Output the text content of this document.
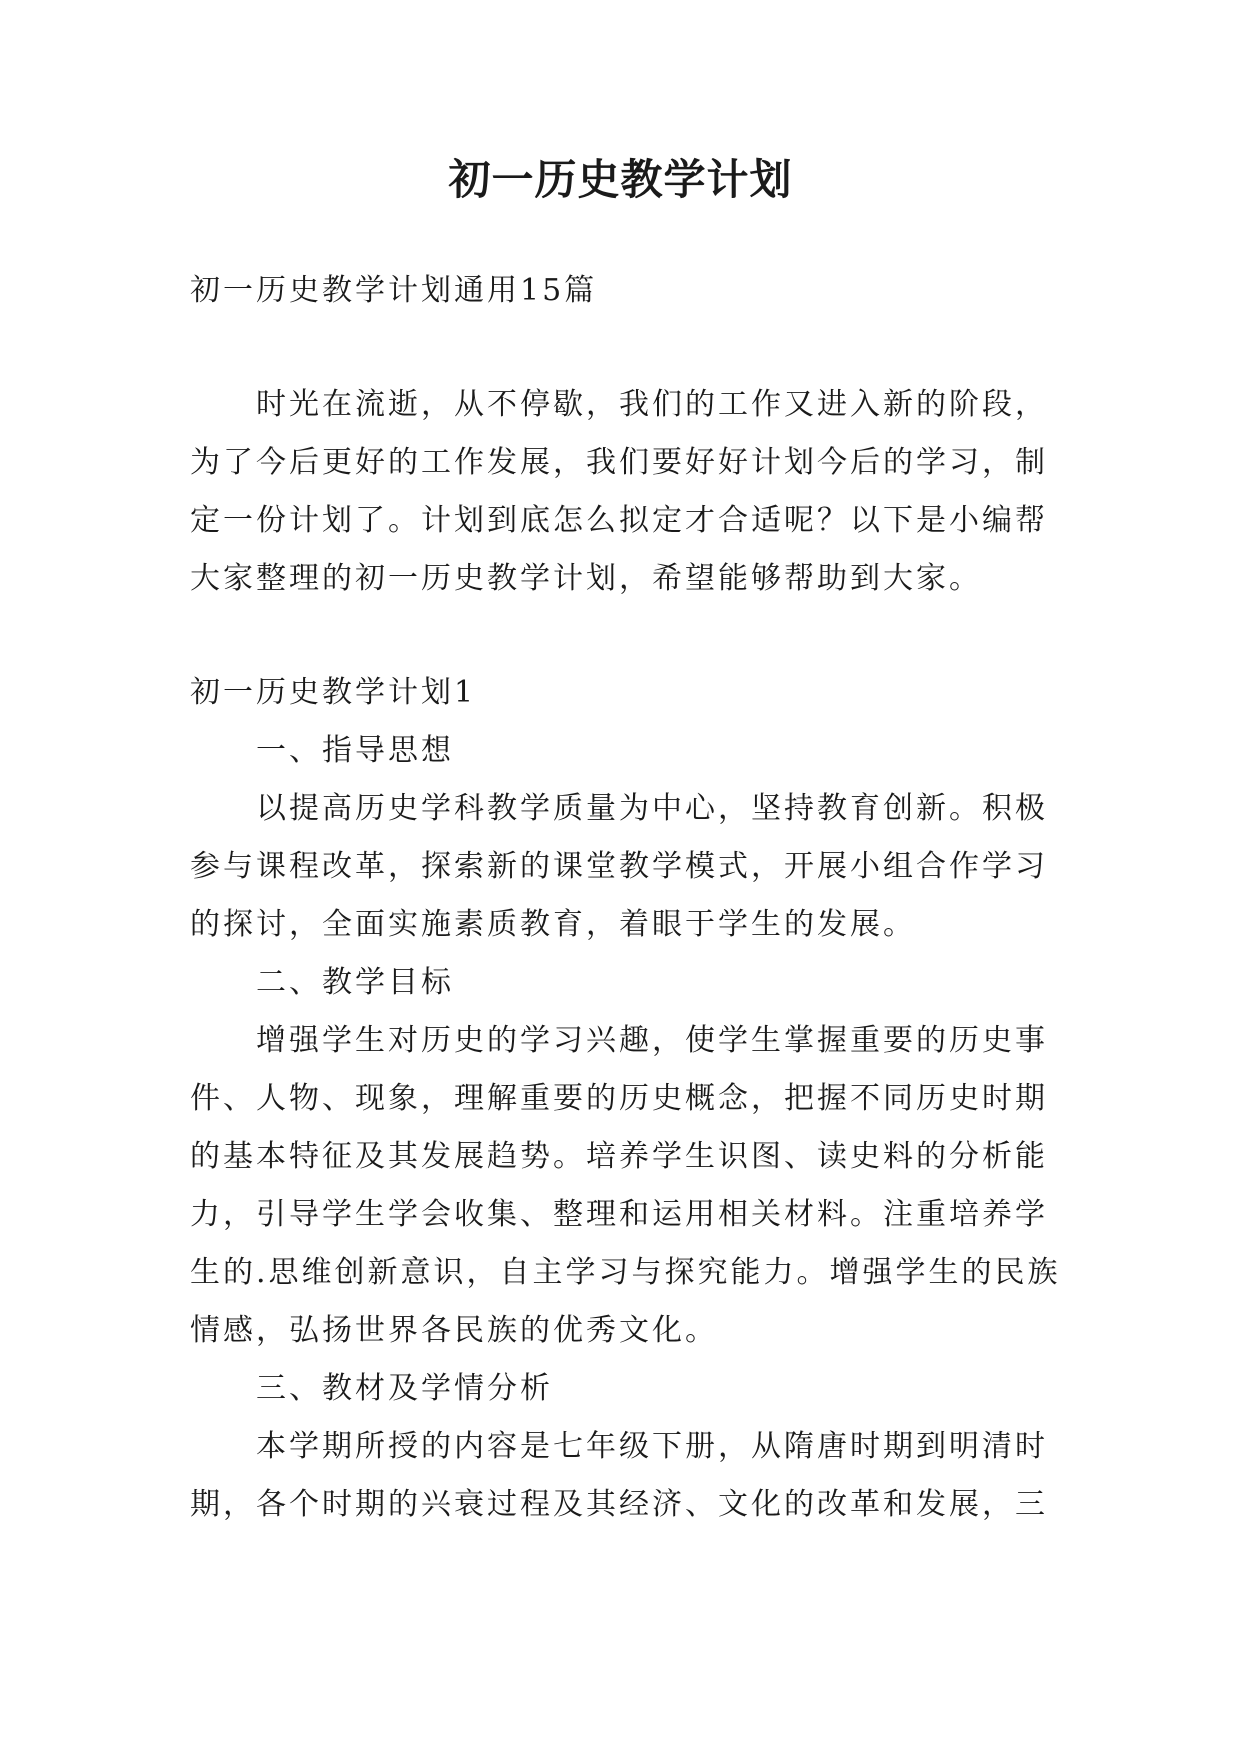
初一历史教学计划

初一历史教学计划通用15篇

时光在流逝，从不停歇，我们的工作又进入新的阶段，为了今后更好的工作发展，我们要好好计划今后的学习，制定一份计划了。计划到底怎么拟定才合适呢？以下是小编帮大家整理的初一历史教学计划，希望能够帮助到大家。

初一历史教学计划1

一、指导思想

以提高历史学科教学质量为中心，坚持教育创新。积极参与课程改革，探索新的课堂教学模式，开展小组合作学习的探讨，全面实施素质教育，着眼于学生的发展。

二、教学目标

增强学生对历史的学习兴趣，使学生掌握重要的历史事件、人物、现象，理解重要的历史概念，把握不同历史时期的基本特征及其发展趋势。培养学生识图、读史料的分析能力，引导学生学会收集、整理和运用相关材料。注重培养学生的.思维创新意识，自主学习与探究能力。增强学生的民族情感，弘扬世界各民族的优秀文化。

三、教材及学情分析

本学期所授的内容是七年级下册，从隋唐时期到明清时期，各个时期的兴衰过程及其经济、文化的改革和发展，三
